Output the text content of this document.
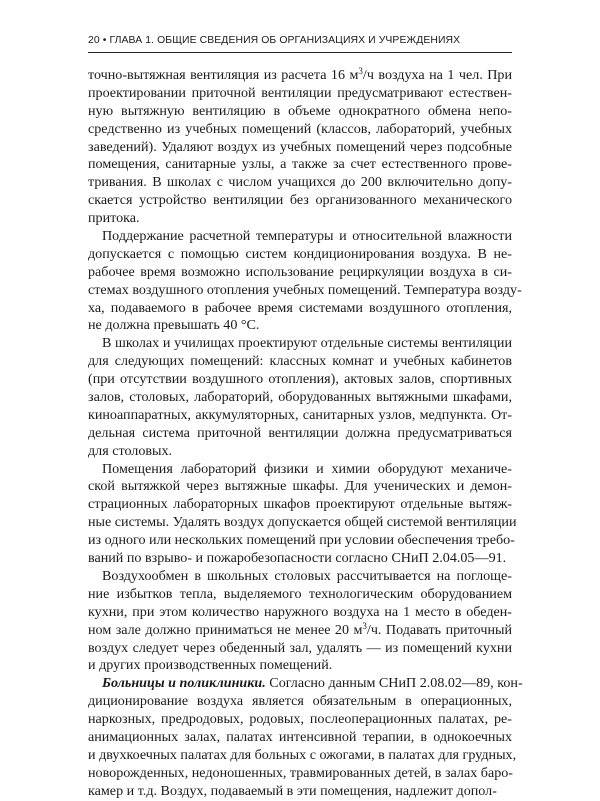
20 • ГЛАВА 1. ОБЩИЕ СВЕДЕНИЯ ОБ ОРГАНИЗАЦИЯХ И УЧРЕЖДЕНИЯХ
точно-вытяжная вентиляция из расчета 16 $м^3/ч$ воздуха на 1 чел. При
проектировании приточной вентиляции предусматривают естествен-
ную вытяжную вентиляцию в объеме однократного обмена непо-
средственно из учебных помещений (классов, лабораторий, учебных
заведений). Удаляют воздух из учебных помещений через подсобные
помещения, санитарные узлы, а также за счет естественного прове-
тривания. В школах с числом учащихся до 200 включительно допу-
скается устройство вентиляции без организованного механического
притока.
Поддержание расчетной температуры и относительной влажности
допускается с помощью систем кондиционирования воздуха. В не-
рабочее время возможно использование рециркуляции воздуха в си-
стемах воздушного отопления учебных помещений. Температура возду-
ха, подаваемого в рабочее время системами воздушного отопления,
не должна превышать 40 °С.
В школах и училищах проектируют отдельные системы вентиляции
для следующих помещений: классных комнат и учебных кабинетов
(при отсутствии воздушного отопления), актовых залов, спортивных
залов, столовых, лабораторий, оборудованных вытяжными шкафами,
киноаппаратных, аккумуляторных, санитарных узлов, медпункта. От-
дельная система приточной вентиляции должна предусматриваться
для столовых.
Помещения лабораторий физики и химии оборудуют механиче-
ской вытяжкой через вытяжные шкафы. Для ученических и демон-
страционных лабораторных шкафов проектируют отдельные вытяж-
ные системы. Удалять воздух допускается общей системой вентиляции
из одного или нескольких помещений при условии обеспечения требо-
ваний по взрыво- и пожаробезопасности согласно СНиП 2.04.05—91.
Воздухообмен в школьных столовых рассчитывается на поглоще-
ние избытков тепла, выделяемого технологическим оборудованием
кухни, при этом количество наружного воздуха на 1 место в обеден-
ном зале должно приниматься не менее 20 $м^3/ч$. Подавать приточный
воздух следует через обеденный зал, удалять — из помещений кухни
и других производственных помещений.
Больницы и поликлиники. Согласно данным СНиП 2.08.02—89, кон-
диционирование воздуха является обязательным в операционных,
наркозных, предродовых, родовых, послеоперационных палатах, ре-
анимационных залах, палатах интенсивной терапии, в однокоечных
и двухкоечных палатах для больных с ожогами, в палатах для грудных,
новорожденных, недоношенных, травмированных детей, в залах баро-
камер и т.д. Воздух, подаваемый в эти помещения, надлежит допол-
